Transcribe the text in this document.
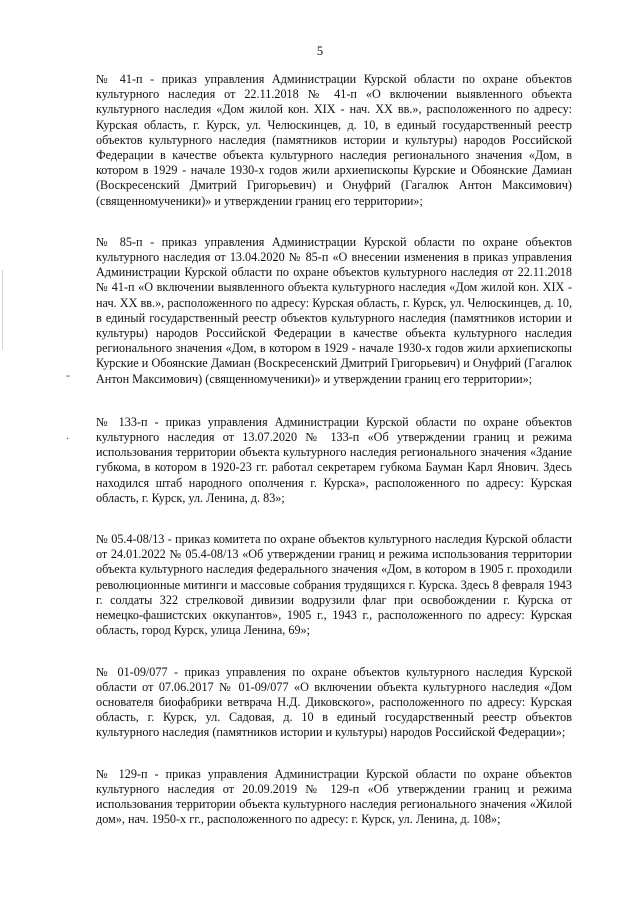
5
-
.

№ 41-п - приказ управления Администрации Курской области по охране объектов культурного наследия от 22.11.2018 № 41-п «О включении выявленного объекта культурного наследия «Дом жилой кон. XIX - нач. XX вв.», расположенного по адресу: Курская область, г. Курск, ул. Челюскинцев, д. 10, в единый государственный реестр объектов культурного наследия (памятников истории и культуры) народов Российской Федерации в качестве объекта культурного наследия регионального значения «Дом, в котором в 1929 - начале 1930-х годов жили архиепископы Курские и Обоянские Дамиан (Воскресенский Дмитрий Григорьевич) и Онуфрий (Гагалюк Антон Максимович) (священномученики)» и утверждении границ его территории»;

№ 85-п - приказ управления Администрации Курской области по охране объектов культурного наследия от 13.04.2020 № 85-п «О внесении изменения в приказ управления Администрации Курской области по охране объектов культурного наследия от 22.11.2018 № 41-п «О включении выявленного объекта культурного наследия «Дом жилой кон. XIX - нач. XX вв.», расположенного по адресу: Курская область, г. Курск, ул. Челюскинцев, д. 10, в единый государственный реестр объектов культурного наследия (памятников истории и культуры) народов Российской Федерации в качестве объекта культурного наследия регионального значения «Дом, в котором в 1929 - начале 1930-х годов жили архиепископы Курские и Обоянские Дамиан (Воскресенский Дмитрий Григорьевич) и Онуфрий (Гагалюк Антон Максимович) (священномученики)» и утверждении границ его территории»;

№ 133-п - приказ управления Администрации Курской области по охране объектов культурного наследия от 13.07.2020 № 133-п «Об утверждении границ и режима использования территории объекта культурного наследия регионального значения «Здание губкома, в котором в 1920-23 гг. работал секретарем губкома Бауман Карл Янович. Здесь находился штаб народного ополчения г. Курска», расположенного по адресу: Курская область, г. Курск, ул. Ленина, д. 83»;

№ 05.4-08/13 - приказ комитета по охране объектов культурного наследия Курской области от 24.01.2022 № 05.4-08/13 «Об утверждении границ и режима использования территории объекта культурного наследия федерального значения «Дом, в котором в 1905 г. проходили революционные митинги и массовые собрания трудящихся г. Курска. Здесь 8 февраля 1943 г. солдаты 322 стрелковой дивизии водрузили флаг при освобождении г. Курска от немецко-фашистских оккупантов», 1905 г., 1943 г., расположенного по адресу: Курская область, город Курск, улица Ленина, 69»;

№ 01-09/077 - приказ управления по охране объектов культурного наследия Курской области от 07.06.2017 № 01-09/077 «О включении объекта культурного наследия «Дом основателя биофабрики ветврача Н.Д. Диковского», расположенного по адресу: Курская область, г. Курск, ул. Садовая, д. 10 в единый государственный реестр объектов культурного наследия (памятников истории и культуры) народов Российской Федерации»;

№ 129-п - приказ управления Администрации Курской области по охране объектов культурного наследия от 20.09.2019 № 129-п «Об утверждении границ и режима использования территории объекта культурного наследия регионального значения «Жилой дом», нач. 1950-х гг., расположенного по адресу: г. Курск, ул. Ленина, д. 108»;
